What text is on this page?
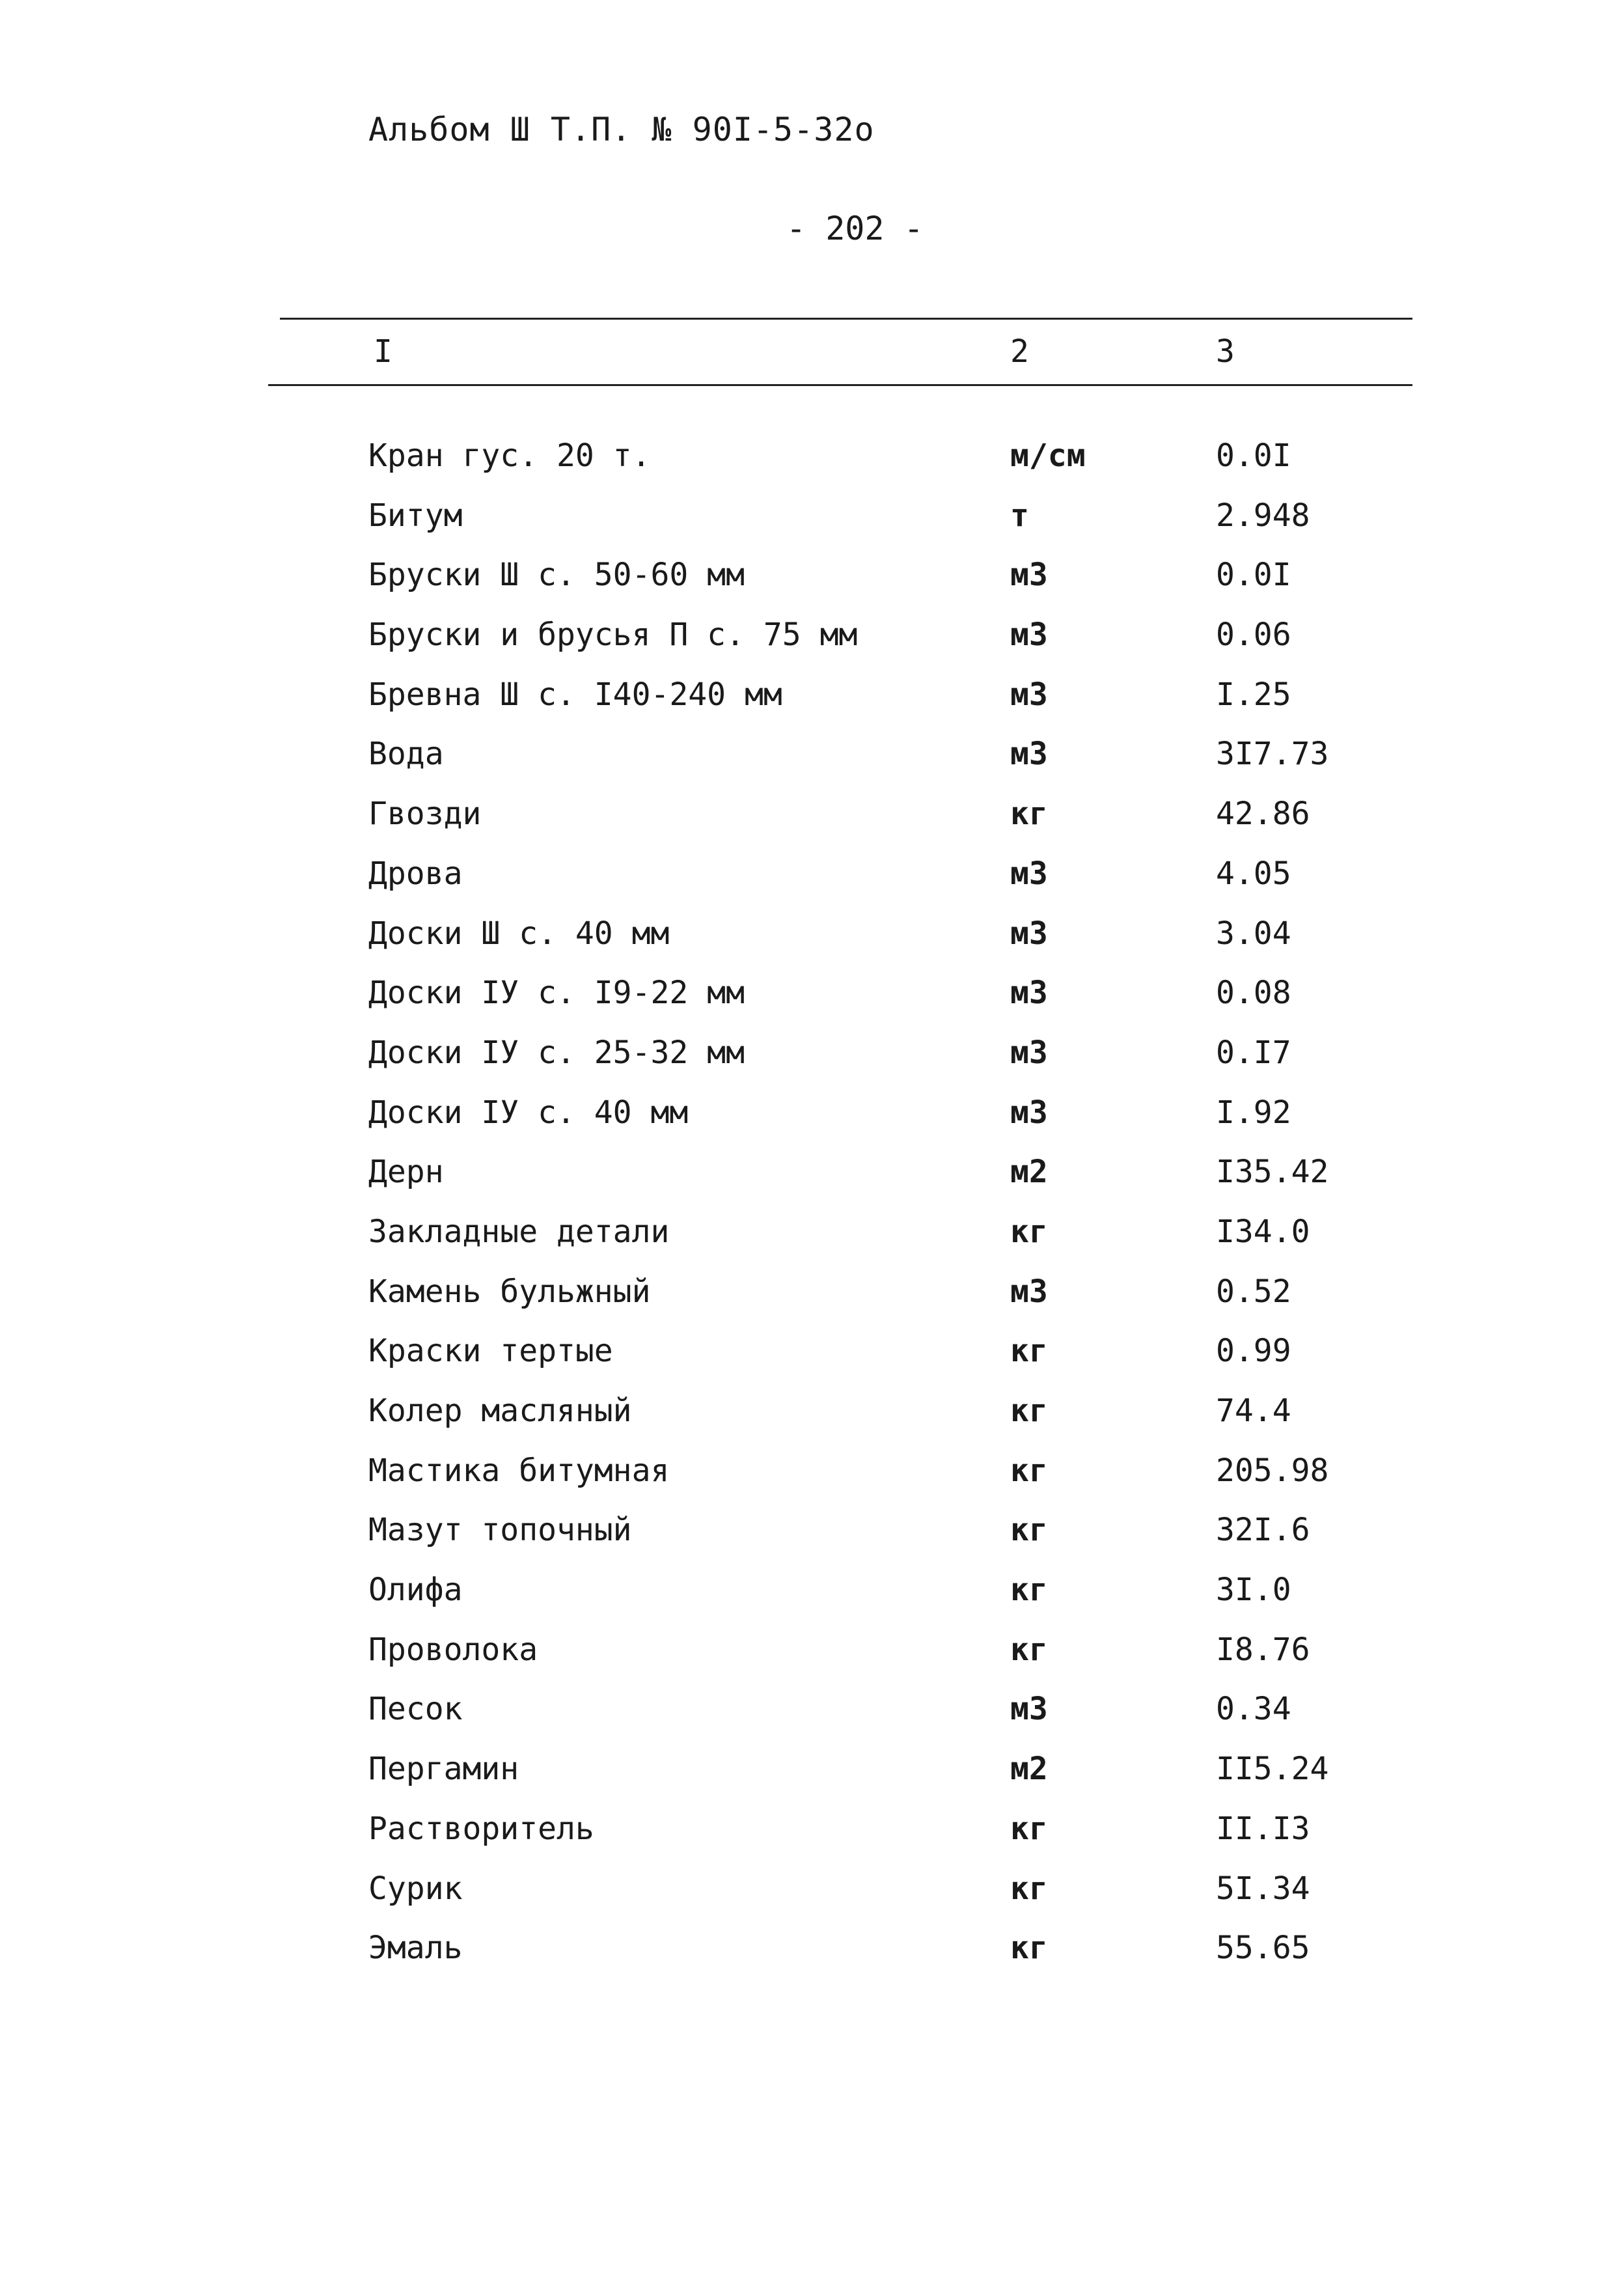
Альбом Ш Т.П. № 90I-5-32о
- 202 -
I	2	3
Кран гус. 20 т.	м/см	0.0I
Битум	т	2.948
Бруски Ш с. 50-60 мм	м3	0.0I
Бруски и брусья П с. 75 мм	м3	0.06
Бревна Ш с. I40-240 мм	м3	I.25
Вода	м3	3I7.73
Гвозди	кг	42.86
Дрова	м3	4.05
Доски Ш с. 40 мм	м3	3.04
Доски IУ с. I9-22 мм	м3	0.08
Доски IУ с. 25-32 мм	м3	0.I7
Доски IУ с. 40 мм	м3	I.92
Дерн	м2	I35.42
Закладные детали	кг	I34.0
Камень бульжный	м3	0.52
Краски тертые	кг	0.99
Колер масляный	кг	74.4
Мастика битумная	кг	205.98
Мазут топочный	кг	32I.6
Олифа	кг	3I.0
Проволока	кг	I8.76
Песок	м3	0.34
Пергамин	м2	II5.24
Растворитель	кг	II.I3
Сурик	кг	5I.34
Эмаль	кг	55.65
